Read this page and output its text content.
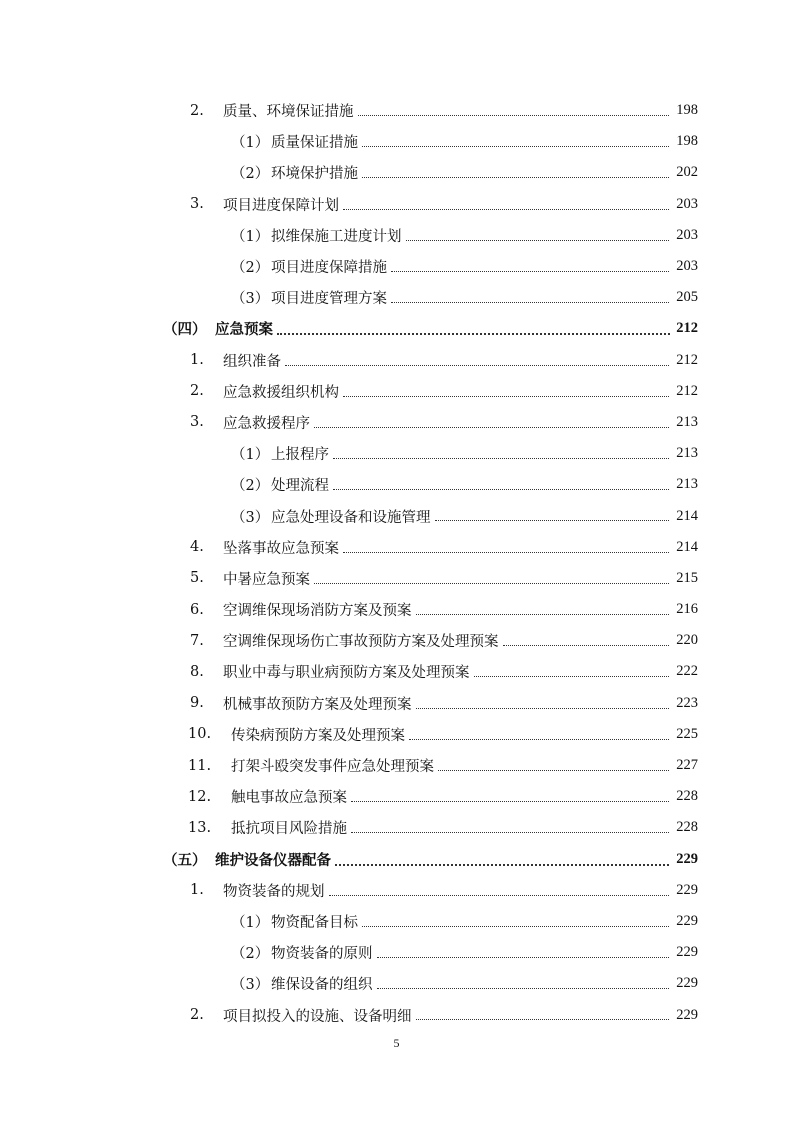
2. 质量、环境保证措施	198
（1） 质量保证措施	198
（2） 环境保护措施	202
3. 项目进度保障计划	203
（1） 拟维保施工进度计划	203
（2） 项目进度保障措施	203
（3） 项目进度管理方案	205
（四） 应急预案	212
1. 组织准备	212
2. 应急救援组织机构	212
3. 应急救援程序	213
（1） 上报程序	213
（2） 处理流程	213
（3） 应急处理设备和设施管理	214
4. 坠落事故应急预案	214
5. 中暑应急预案	215
6. 空调维保现场消防方案及预案	216
7. 空调维保现场伤亡事故预防方案及处理预案	220
8. 职业中毒与职业病预防方案及处理预案	222
9. 机械事故预防方案及处理预案	223
10. 传染病预防方案及处理预案	225
11. 打架斗殴突发事件应急处理预案	227
12. 触电事故应急预案	228
13. 抵抗项目风险措施	228
（五） 维护设备仪器配备	229
1. 物资装备的规划	229
（1） 物资配备目标	229
（2） 物资装备的原则	229
（3） 维保设备的组织	229
2. 项目拟投入的设施、设备明细	229
5
